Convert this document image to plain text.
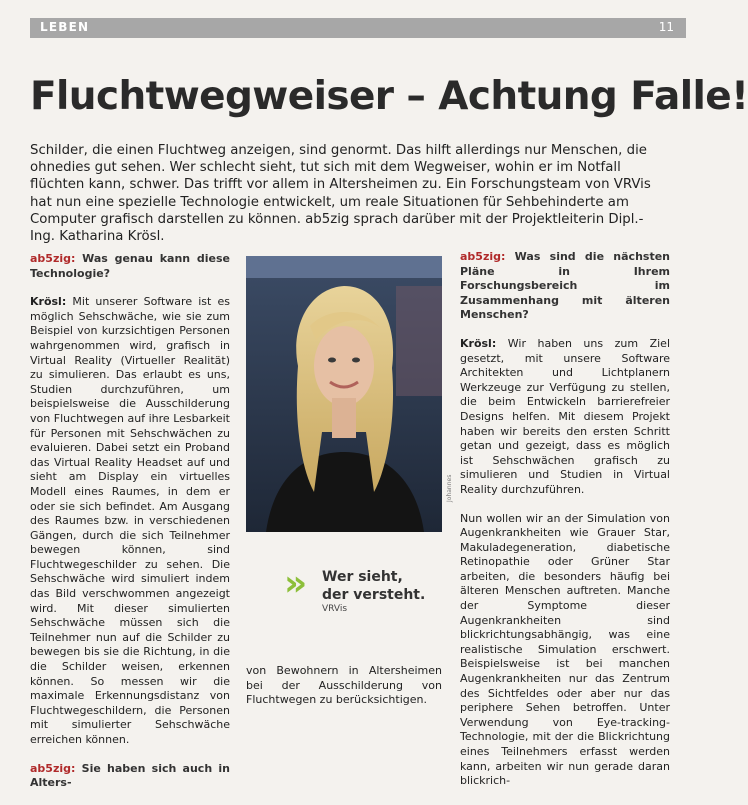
LEBEN	11
Fluchtwegweiser – Achtung Falle!
Schilder, die einen Fluchtweg anzeigen, sind genormt. Das hilft allerdings nur Menschen, die ohnedies gut sehen. Wer schlecht sieht, tut sich mit dem Wegweiser, wohin er im Notfall flüchten kann, schwer. Das trifft vor allem in Altersheimen zu. Ein Forschungsteam von VRVis hat nun eine spezielle Technologie entwickelt, um reale Situationen für Sehbehinderte am Computer grafisch darstellen zu können. ab5zig sprach darüber mit der Projektleiterin Dipl.-Ing. Katharina Krösl.

ab5zig: Was genau kann diese Technologie?

Krösl: Mit unserer Software ist es möglich Sehschwäche, wie sie zum Beispiel von kurzsichtigen Personen wahrgenommen wird, grafisch in Virtual Reality (Virtueller Realität) zu simulieren. Das erlaubt es uns, Studien durchzuführen, um beispielsweise die Ausschilderung von Fluchtwegen auf ihre Lesbarkeit für Personen mit Sehschwächen zu evaluieren. Dabei setzt ein Proband das Virtual Reality Headset auf und sieht am Display ein virtuelles Modell eines Raumes, in dem er oder sie sich befindet. Am Ausgang des Raumes bzw. in verschiedenen Gängen, durch die sich Teilnehmer bewegen können, sind Fluchtwegeschilder zu sehen. Die Sehschwäche wird simuliert indem das Bild verschwommen angezeigt wird. Mit dieser simulierten Sehschwäche müssen sich die Teilnehmer nun auf die Schilder zu bewegen bis sie die Richtung, in die die Schilder weisen, erkennen können. So messen wir die maximale Erkennungsdistanz von Fluchtwegeschildern, die Personen mit simulierter Sehschwäche erreichen können.

ab5zig: Sie haben sich auch in Alters-

Johannes
» Wer sieht,
der versteht.
VRVis

von Bewohnern in Altersheimen bei der Ausschilderung von Fluchtwegen zu berücksichtigen.

ab5zig: Was sind die nächsten Pläne in Ihrem Forschungsbereich im Zusammenhang mit älteren Menschen?

Krösl: Wir haben uns zum Ziel gesetzt, mit unsere Software Architekten und Lichtplanern Werkzeuge zur Verfügung zu stellen, die beim Entwickeln barrierefreier Designs helfen. Mit diesem Projekt haben wir bereits den ersten Schritt getan und gezeigt, dass es möglich ist Sehschwächen grafisch zu simulieren und Studien in Virtual Reality durchzuführen.

Nun wollen wir an der Simulation von Augenkrankheiten wie Grauer Star, Makuladegeneration, diabetische Retinopathie oder Grüner Star arbeiten, die besonders häufig bei älteren Menschen auftreten. Manche der Symptome dieser Augenkrankheiten sind blickrichtungsabhängig, was eine realistische Simulation erschwert. Beispielsweise ist bei manchen Augenkrankheiten nur das Zentrum des Sichtfeldes oder aber nur das periphere Sehen betroffen. Unter Verwendung von Eye-tracking-Technologie, mit der die Blickrichtung eines Teilnehmers erfasst werden kann, arbeiten wir nun gerade daran blickrich-
